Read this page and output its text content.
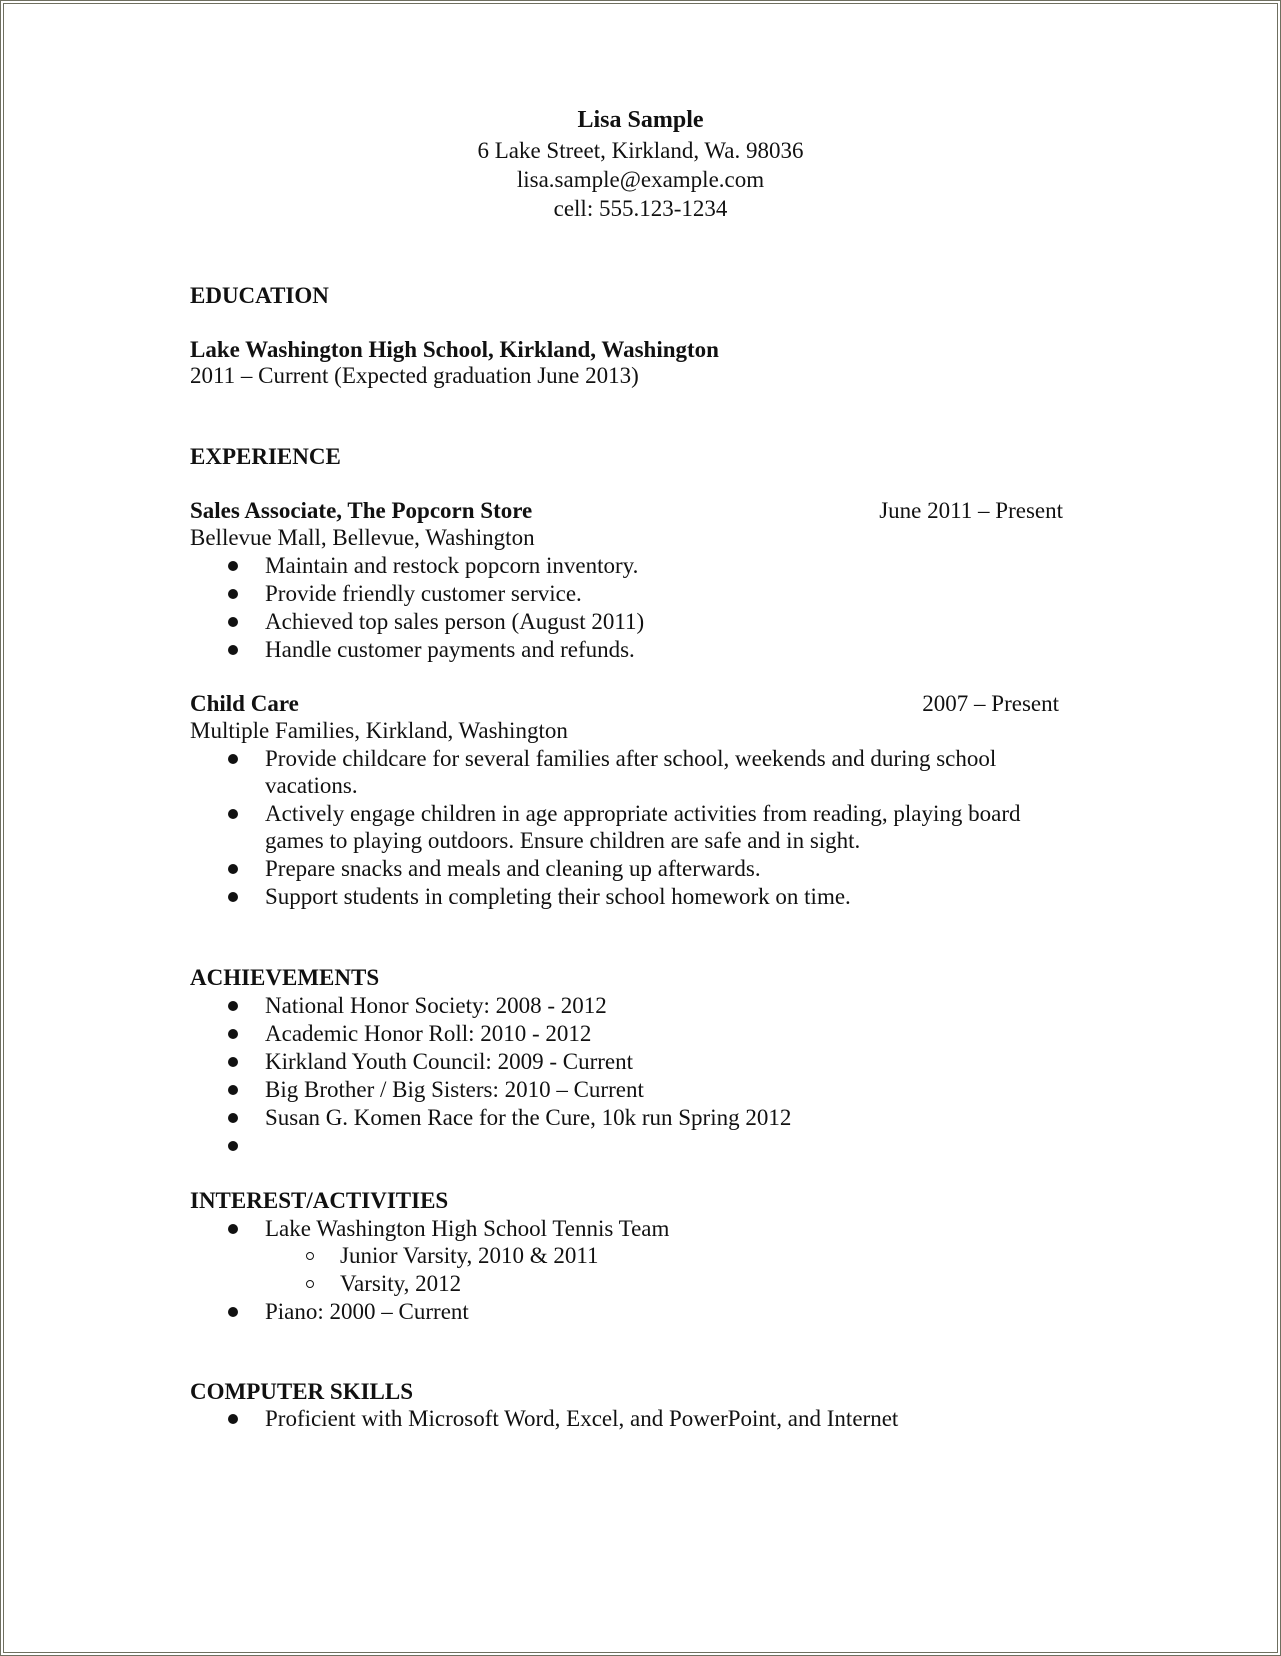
Lisa Sample
6 Lake Street, Kirkland, Wa. 98036
lisa.sample@example.com
cell: 555.123-1234
EDUCATION
Lake Washington High School, Kirkland, Washington
2011 – Current (Expected graduation June 2013)
EXPERIENCE
Sales Associate, The Popcorn Store	June 2011 – Present
Bellevue Mall, Bellevue, Washington
Maintain and restock popcorn inventory.
Provide friendly customer service.
Achieved top sales person (August 2011)
Handle customer payments and refunds.
Child Care	2007 – Present
Multiple Families, Kirkland, Washington
Provide childcare for several families after school, weekends and during school
vacations.
Actively engage children in age appropriate activities from reading, playing board
games to playing outdoors. Ensure children are safe and in sight.
Prepare snacks and meals and cleaning up afterwards.
Support students in completing their school homework on time.
ACHIEVEMENTS
National Honor Society: 2008 - 2012
Academic Honor Roll: 2010 - 2012
Kirkland Youth Council: 2009 - Current
Big Brother / Big Sisters: 2010 – Current
Susan G. Komen Race for the Cure, 10k run Spring 2012
INTEREST/ACTIVITIES
Lake Washington High School Tennis Team
Junior Varsity, 2010 & 2011
Varsity, 2012
Piano: 2000 – Current
COMPUTER SKILLS
Proficient with Microsoft Word, Excel, and PowerPoint, and Internet
